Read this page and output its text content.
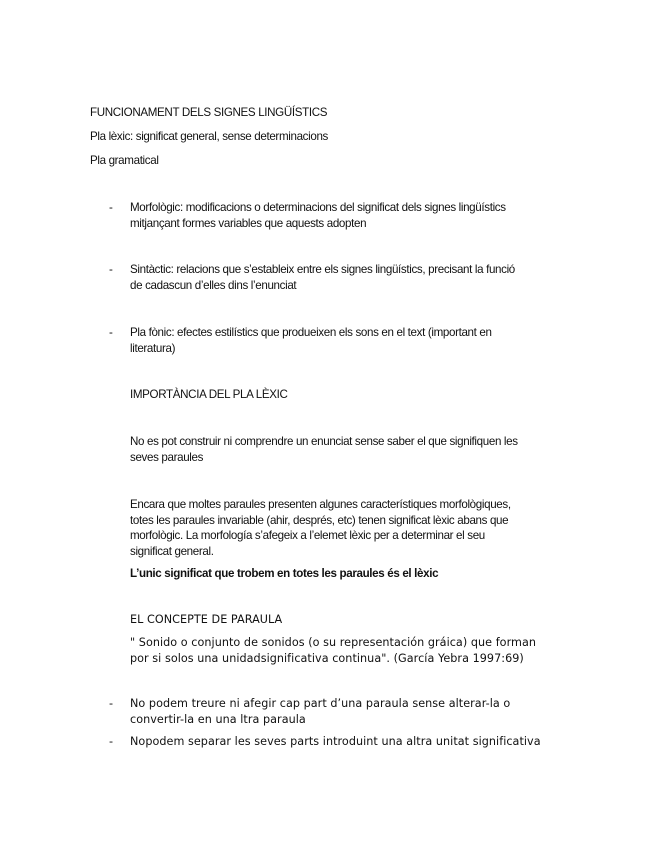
FUNCIONAMENT DELS SIGNES LINGÜÍSTICS
Pla lèxic: significat general, sense determinacions
Pla gramatical
- Morfològic: modificacions o determinacions del significat dels signes lingüístics
mitjançant formes variables que aquests adopten
- Sintàctic: relacions que s’estableix entre els signes lingüístics, precisant la funció
de cadascun d’elles dins l’enunciat
- Pla fònic: efectes estilístics que produeixen els sons en el text (important en
literatura)
IMPORTÀNCIA DEL PLA LÈXIC
No es pot construir ni comprendre un enunciat sense saber el que signifiquen les
seves paraules
Encara que moltes paraules presenten algunes característiques morfològiques,
totes les paraules invariable (ahir, després, etc) tenen significat lèxic abans que
morfològic. La morfología s’afegeix a l’elemet lèxic per a determinar el seu
significat general.
L’unic significat que trobem en totes les paraules és el lèxic
EL CONCEPTE DE PARAULA
" Sonido o conjunto de sonidos (o su representación gráica) que forman
por si solos una unidadsignificativa continua". (García Yebra 1997:69)
- No podem treure ni afegir cap part d’una paraula sense alterar-la o
convertir-la en una ltra paraula
- Nopodem separar les seves parts introduint una altra unitat significativa
